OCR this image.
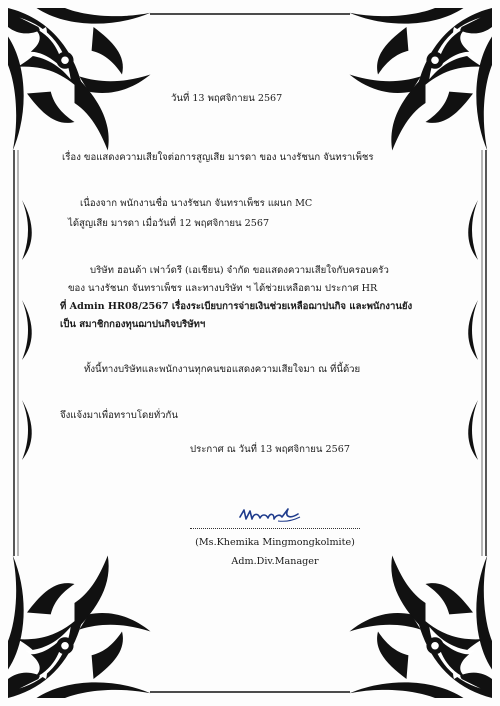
วันที่ 13 พฤศจิกายน 2567
เรื่อง ขอแสดงความเสียใจต่อการสูญเสีย มารดา ของ นางรัชนก จันทราเพ็ชร
เนื่องจาก พนักงานชื่อ นางรัชนก จันทราเพ็ชร แผนก MC
ได้สูญเสีย มารดา เมื่อวันที่ 12 พฤศจิกายน 2567
บริษัท ฮอนด้า เฟาว์ดรี (เอเชียน) จำกัด ขอแสดงความเสียใจกับครอบครัว
ของ นางรัชนก จันทราเพ็ชร และทางบริษัท ฯ ได้ช่วยเหลือตาม ประกาศ HR
ที่ Admin HR08/2567 เรื่องระเบียบการจ่ายเงินช่วยเหลือฌาปนกิจ และพนักงานยัง
เป็น สมาชิกกองทุนฌาปนกิจบริษัทฯ
ทั้งนี้ทางบริษัทและพนักงานทุกคนขอแสดงความเสียใจมา ณ ที่นี้ด้วย
จึงแจ้งมาเพื่อทราบโดยทั่วกัน
ประกาศ ณ วันที่ 13 พฤศจิกายน 2567
(Ms.Khemika Mingmongkolmite)
Adm.Div.Manager
